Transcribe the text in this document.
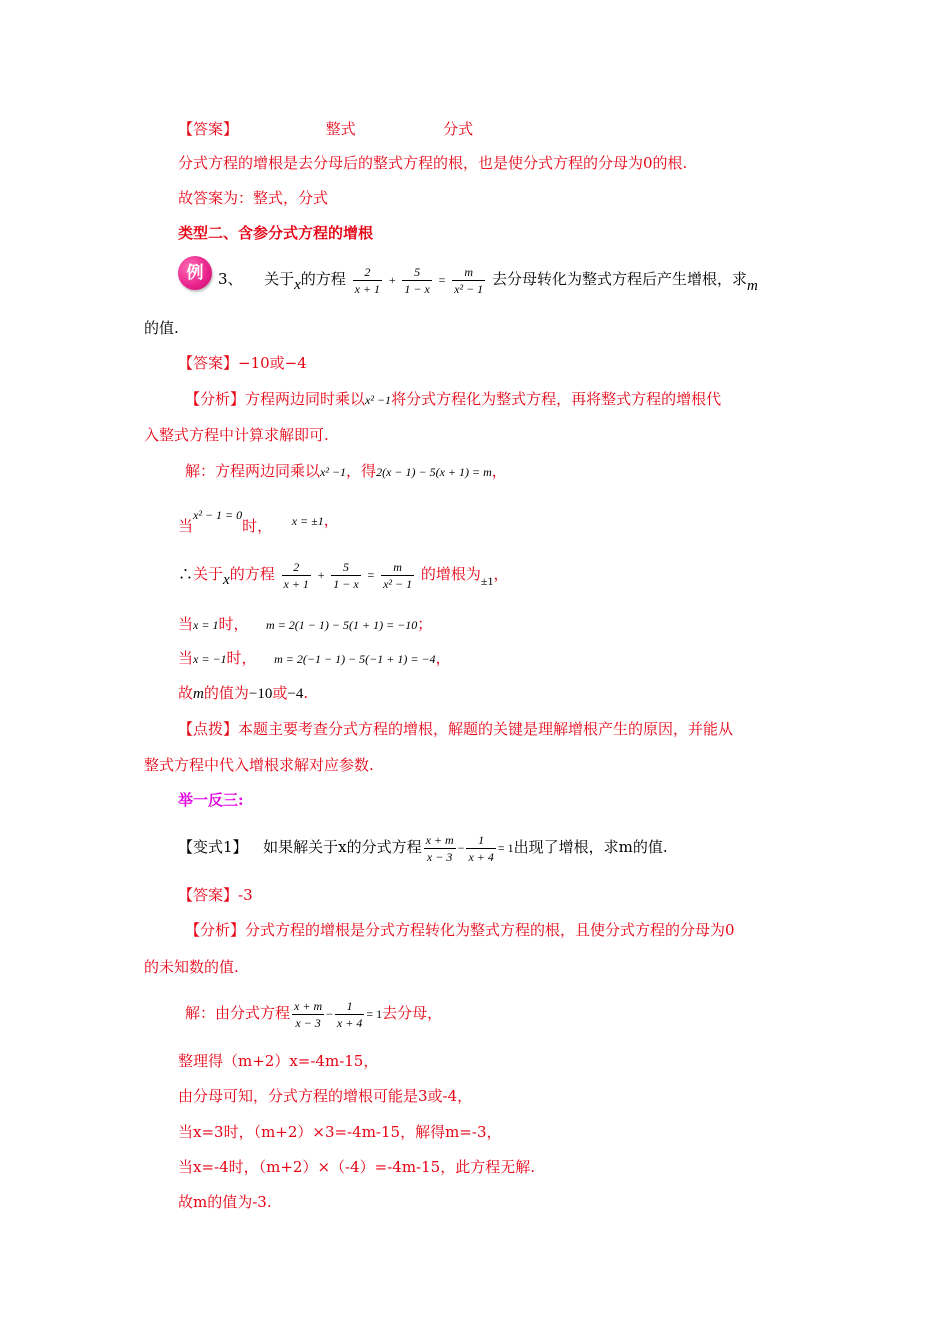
【答案】	整式	分式
分式方程的增根是去分母后的整式方程的根，也是使分式方程的分母为0的根.
故答案为：整式，分式
类型二、含参分式方程的增根
例 3、 关于x的方程 $\frac{2}{x + 1} + \frac{5}{1 - x} = \frac{m}{\text{x² − 1}}$ 去分母转化为整式方程后产生增根，求m
的值.
【答案】−10或−4
【分析】方程两边同时乘以x² −1将分式方程化为整式方程，再将整式方程的增根代
入整式方程中计算求解即可.
解：方程两边同乘以x² −1，得2(x − 1) − 5(x + 1) = m，
当$^{x^2 - 1 = 0}$时， x = ±1，
∴关于x的方程 $\frac{2}{x + 1} + \frac{5}{1 - x} = \frac{m}{\text{x² − 1}}$ 的增根为$_{\pm 1}$，
当x = 1时， m = 2(1 − 1) − 5(1 + 1) = −10；
当x = −1时， m = 2(−1 − 1) − 5(−1 + 1) = −4，
故m的值为−10或−4.
【点拨】本题主要考查分式方程的增根，解题的关键是理解增根产生的原因，并能从
整式方程中代入增根求解对应参数.
举一反三:
【变式1】 如果解关于x的分式方程 $\frac{x + m}{x - 3} - \frac{1}{x + 4} = 1$出现了增根，求m的值.
【答案】-3
【分析】分式方程的增根是分式方程转化为整式方程的根，且使分式方程的分母为0
的未知数的值.
解：由分式方程 $\frac{x + m}{x - 3} - \frac{1}{x + 4} = 1$去分母，
整理得（m+2）x=-4m-15，
由分母可知，分式方程的增根可能是3或-4，
当x=3时，（m+2）×3=-4m-15，解得m=-3，
当x=-4时，（m+2）×（-4）=-4m-15，此方程无解.
故m的值为-3.
